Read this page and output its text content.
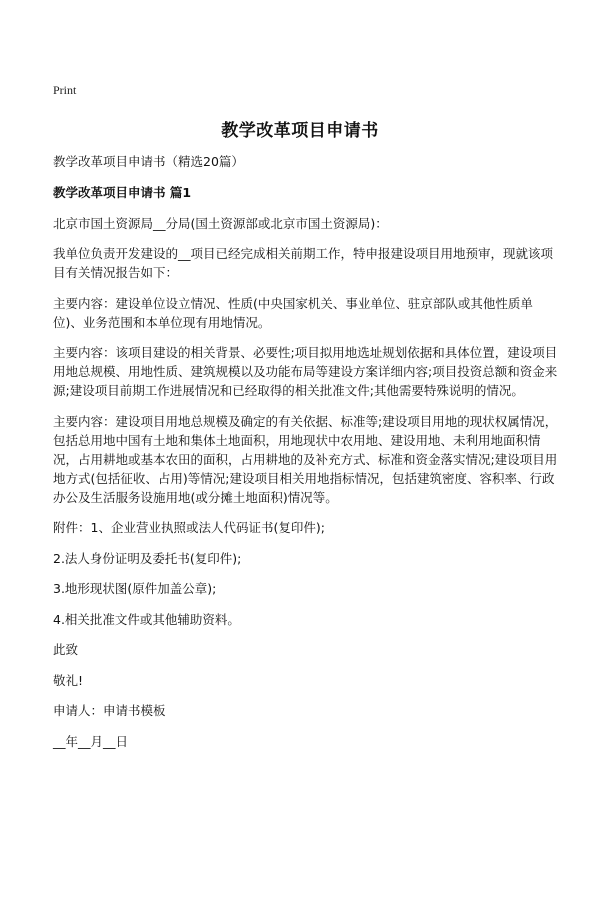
Print
教学改革项目申请书

教学改革项目申请书（精选20篇）

教学改革项目申请书 篇1

北京市国土资源局__分局(国土资源部或北京市国土资源局)：

我单位负责开发建设的__项目已经完成相关前期工作，特申报建设项目用地预审，现就该项目有关情况报告如下：

主要内容：建设单位设立情况、性质(中央国家机关、事业单位、驻京部队或其他性质单位)、业务范围和本单位现有用地情况。

主要内容：该项目建设的相关背景、必要性;项目拟用地选址规划依据和具体位置，建设项目用地总规模、用地性质、建筑规模以及功能布局等建设方案详细内容;项目投资总额和资金来源;建设项目前期工作进展情况和已经取得的相关批准文件;其他需要特殊说明的情况。

主要内容：建设项目用地总规模及确定的有关依据、标准等;建设项目用地的现状权属情况，包括总用地中国有土地和集体土地面积，用地现状中农用地、建设用地、未利用地面积情况，占用耕地或基本农田的面积，占用耕地的及补充方式、标准和资金落实情况;建设项目用地方式(包括征收、占用)等情况;建设项目相关用地指标情况，包括建筑密度、容积率、行政办公及生活服务设施用地(或分摊土地面积)情况等。

附件：1、企业营业执照或法人代码证书(复印件);

2.法人身份证明及委托书(复印件);

3.地形现状图(原件加盖公章);

4.相关批准文件或其他辅助资料。

此致

敬礼!

申请人：申请书模板

__年__月__日
